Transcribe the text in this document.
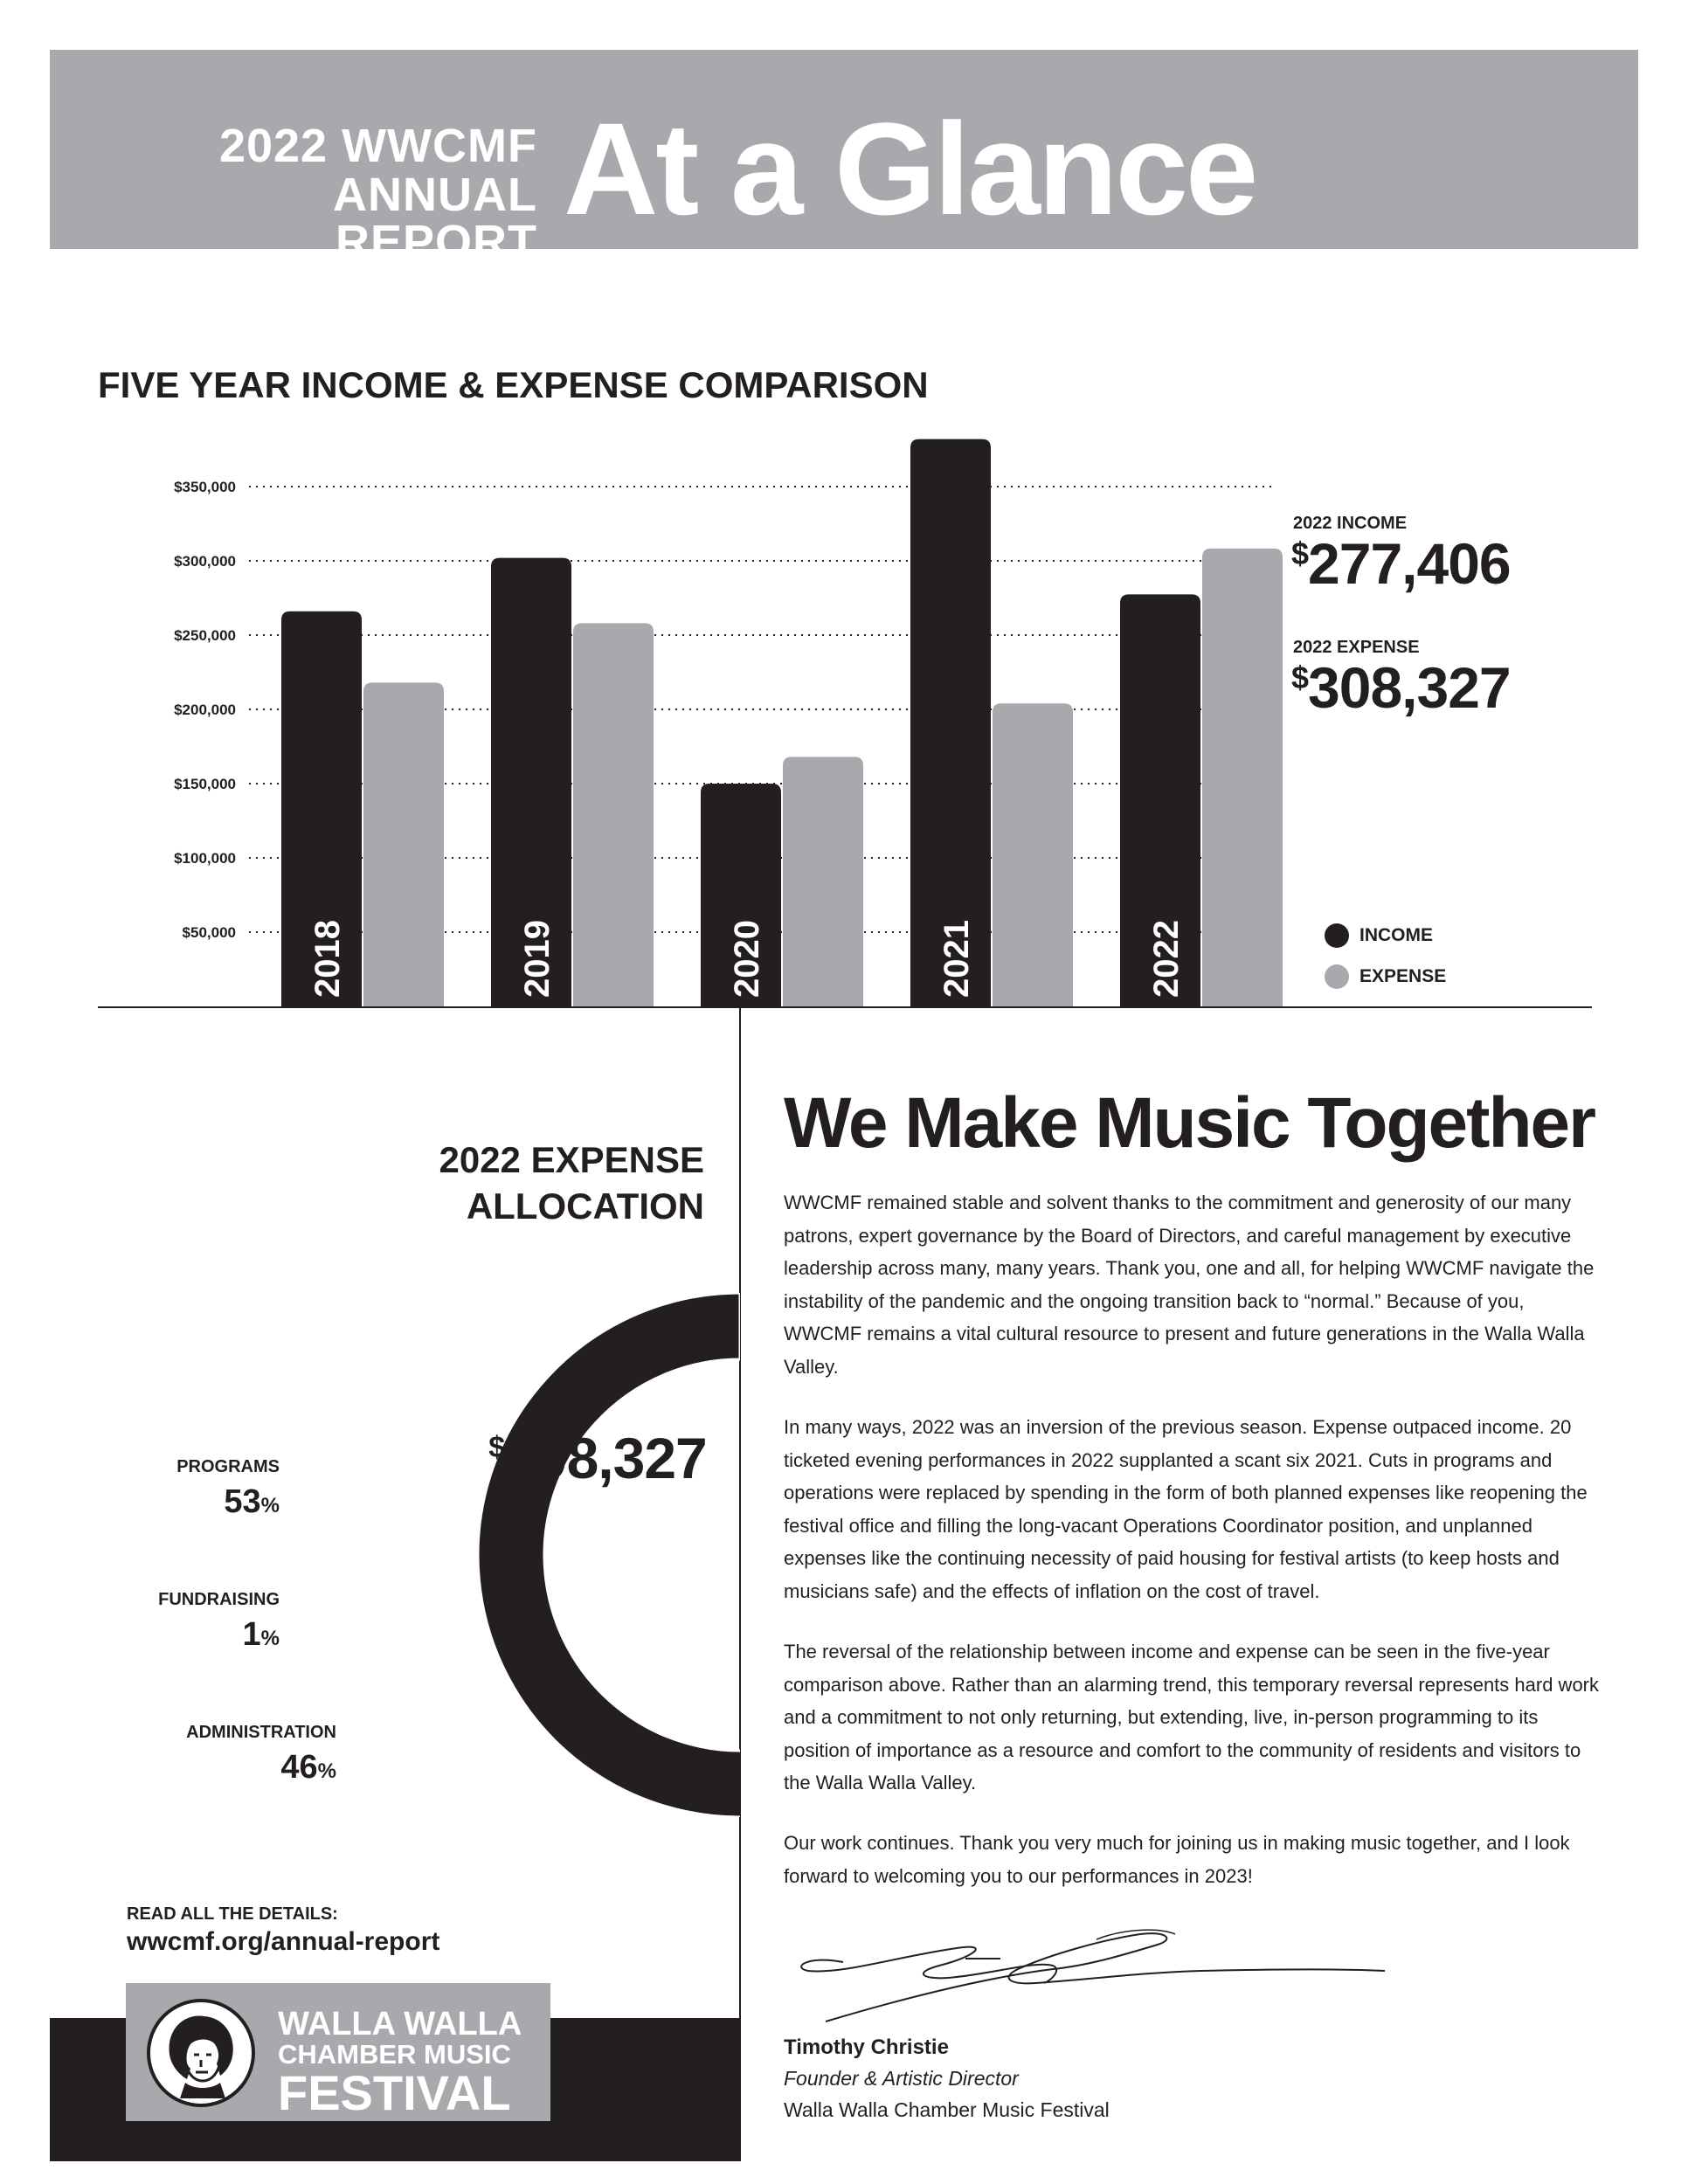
2022 WWCMF
ANNUAL REPORT At a Glance
FIVE YEAR INCOME & EXPENSE COMPARISON
$50,000
$100,000
$150,000
$200,000
$250,000
$300,000
$350,000
2018	2019	2020	2021	2022
2022 INCOME
$277,406
2022 EXPENSE
$308,327
INCOME
EXPENSE
2022 EXPENSE
ALLOCATION
$308,327
PROGRAMS
53%
FUNDRAISING
1%
ADMINISTRATION
46%
READ ALL THE DETAILS:
wwcmf.org/annual-report
WALLA WALLA
CHAMBER MUSIC
FESTIVAL
We Make Music Together
WWCMF remained stable and solvent thanks to the commitment and generosity of our many patrons, expert governance by the Board of Directors, and careful management by executive leadership across many, many years. Thank you, one and all, for helping WWCMF navigate the instability of the pandemic and the ongoing transition back to “normal.” Because of you, WWCMF remains a vital cultural resource to present and future generations in the Walla Walla Valley.
In many ways, 2022 was an inversion of the previous season. Expense outpaced income. 20 ticketed evening performances in 2022 supplanted a scant six 2021. Cuts in programs and operations were replaced by spending in the form of both planned expenses like reopening the festival office and filling the long-vacant Operations Coordinator position, and unplanned expenses like the continuing necessity of paid housing for festival artists (to keep hosts and musicians safe) and the effects of inflation on the cost of travel.
The reversal of the relationship between income and expense can be seen in the five-year comparison above. Rather than an alarming trend, this temporary reversal represents hard work and a commitment to not only returning, but extending, live, in-person programming to its position of importance as a resource and comfort to the community of residents and visitors to the Walla Walla Valley.
Our work continues. Thank you very much for joining us in making music together, and I look forward to welcoming you to our performances in 2023!
Timothy Christie
Founder & Artistic Director
Walla Walla Chamber Music Festival
